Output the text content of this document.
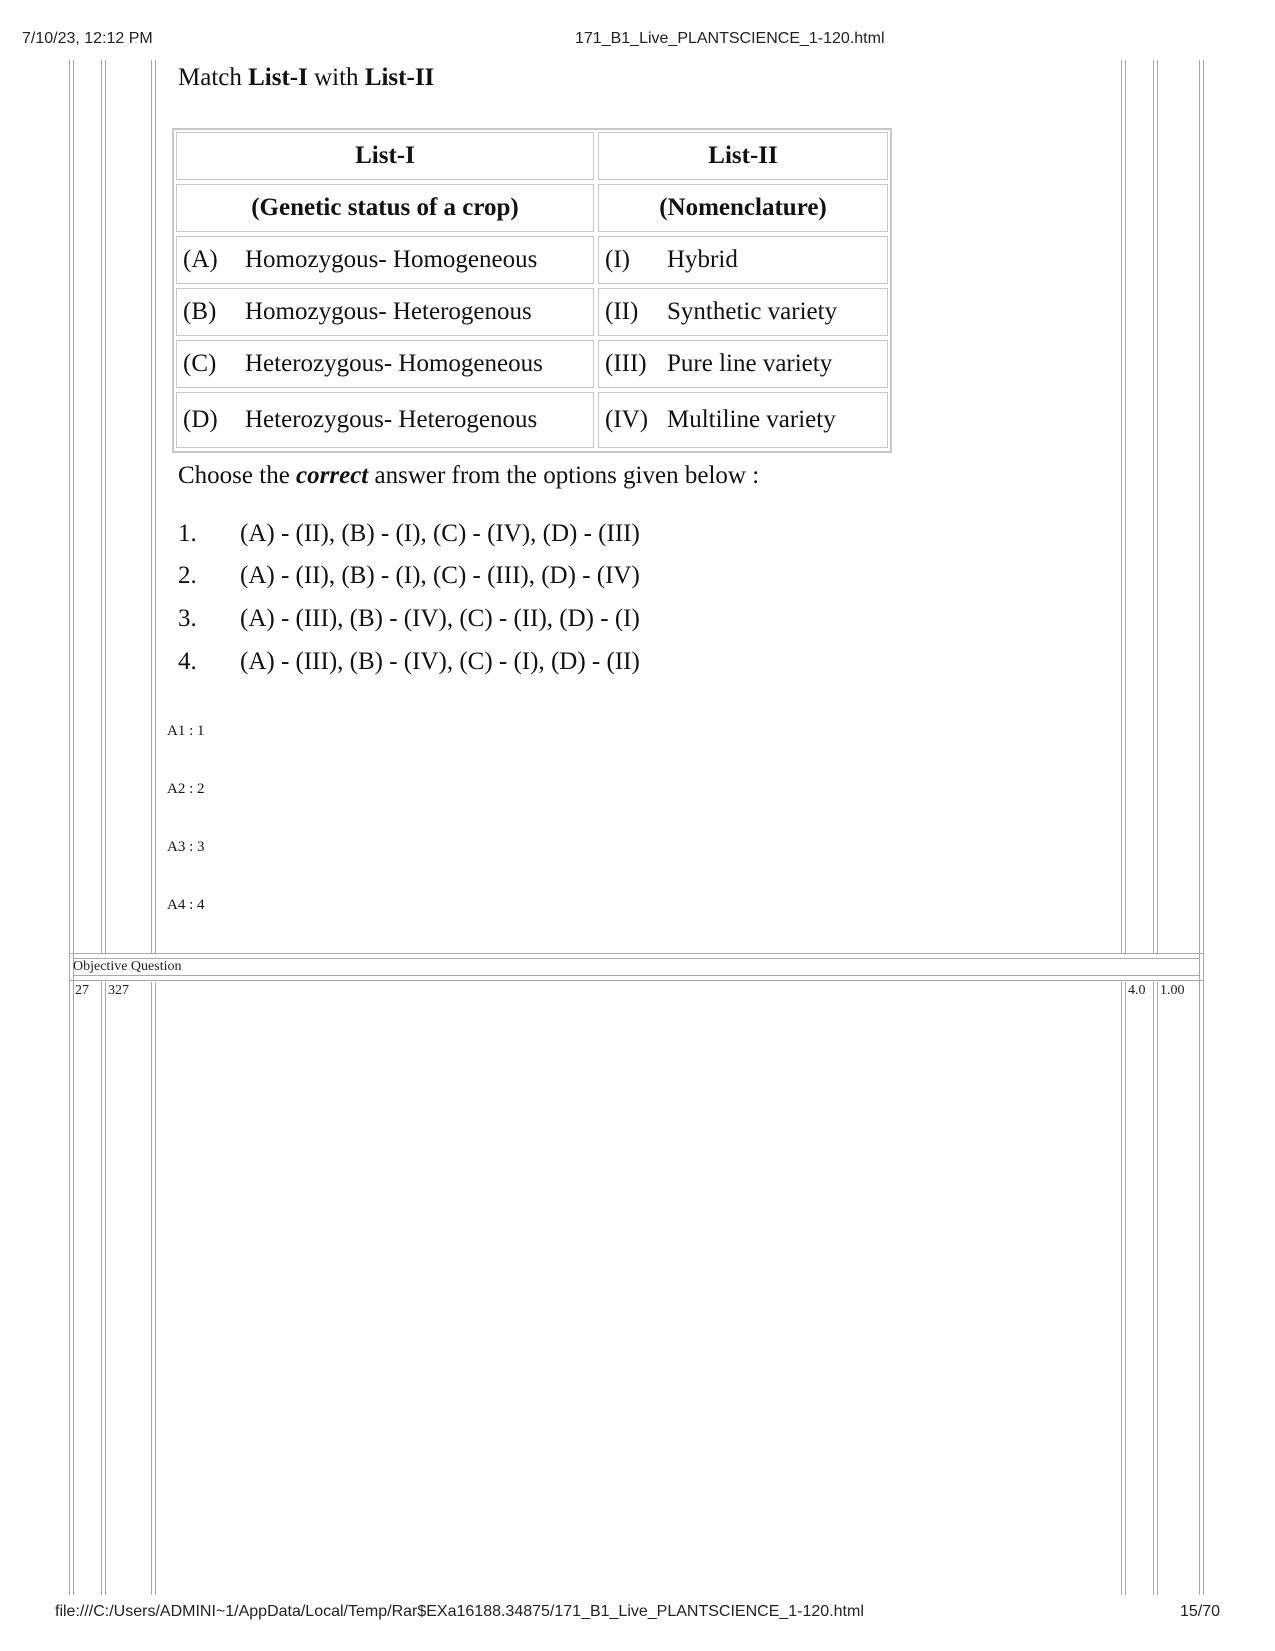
7/10/23, 12:12 PM	171_B1_Live_PLANTSCIENCE_1-120.html
Match List-I with List-II
List-I	List-II
(Genetic status of a crop)	(Nomenclature)
(A)	Homozygous- Homogeneous	(I)	Hybrid
(B)	Homozygous- Heterogenous	(II)	Synthetic variety
(C)	Heterozygous- Homogeneous (III) Pure line variety
(D)	Heterozygous- Heterogenous	(IV) Multiline variety
Choose the correct answer from the options given below :
1. (A) - (II), (B) - (I), (C) - (IV), (D) - (III)
2. (A) - (II), (B) - (I), (C) - (III), (D) - (IV)
3. (A) - (III), (B) - (IV), (C) - (II), (D) - (I)
4. (A) - (III), (B) - (IV), (C) - (I), (D) - (II)
A1 : 1
A2 : 2
A3 : 3
A4 : 4
Objective Question
27 327	4.0 1.00
file:///C:/Users/ADMINI~1/AppData/Local/Temp/Rar$EXa16188.34875/171_B1_Live_PLANTSCIENCE_1-120.html	15/70
